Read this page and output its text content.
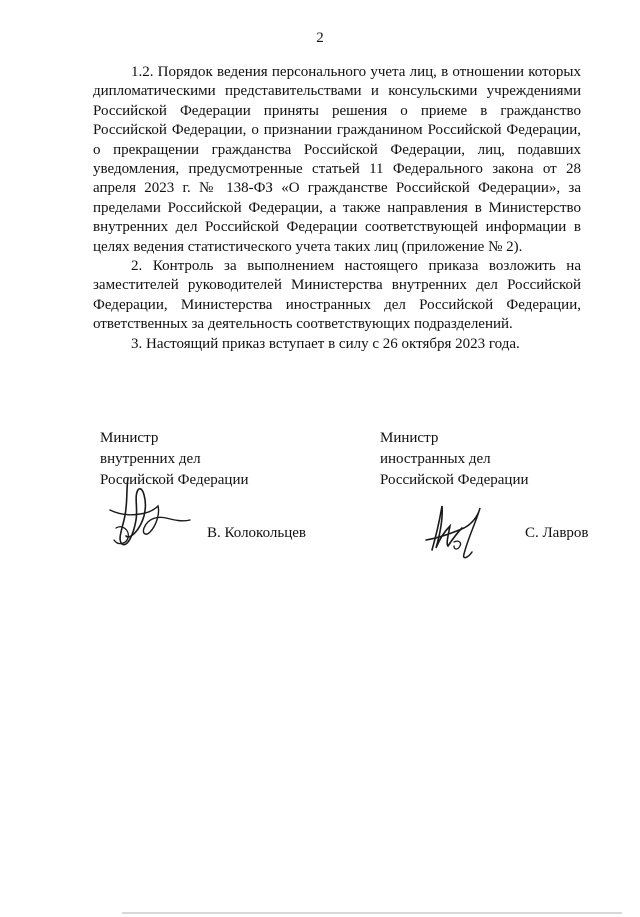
2

1.2. Порядок ведения персонального учета лиц, в отношении которых дипломатическими представительствами и консульскими учреждениями Российской Федерации приняты решения о приеме в гражданство Российской Федерации, о признании гражданином Российской Федерации, о прекращении гражданства Российской Федерации, лиц, подавших уведомления, предусмотренные статьей 11 Федерального закона от 28 апреля 2023 г. № 138-ФЗ «О гражданстве Российской Федерации», за пределами Российской Федерации, а также направления в Министерство внутренних дел Российской Федерации соответствующей информации в целях ведения статистического учета таких лиц (приложение № 2).

2. Контроль за выполнением настоящего приказа возложить на заместителей руководителей Министерства внутренних дел Российской Федерации, Министерства иностранных дел Российской Федерации, ответственных за деятельность соответствующих подразделений.

3. Настоящий приказ вступает в силу с 26 октября 2023 года.

Министр
внутренних дел
Российской Федерации
В. Колокольцев
Министр
иностранных дел
Российской Федерации
С. Лавров
